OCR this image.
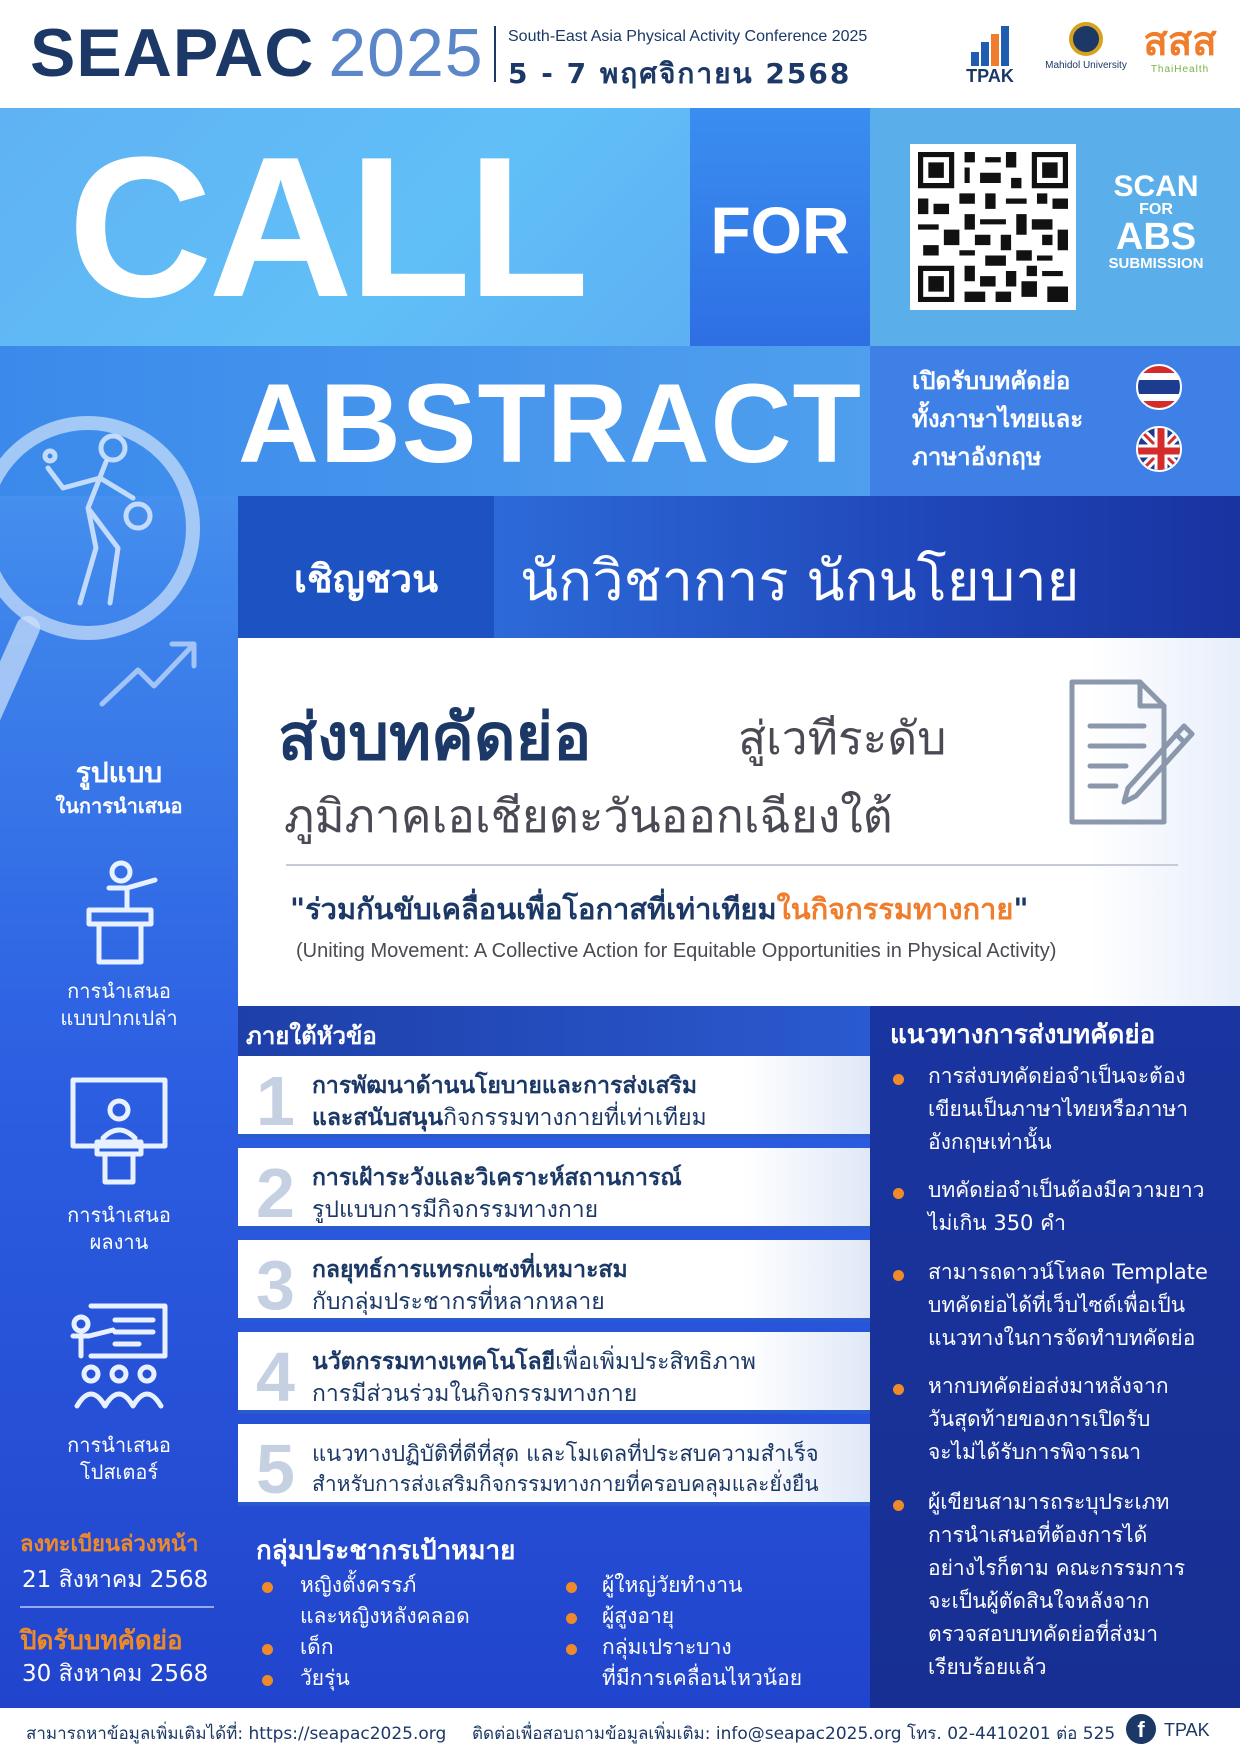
SEAPAC 2025 South-East Asia Physical Activity Conference 2025
5 - 7 พฤศจิกายน 2568	TPAK
Mahidol University
สสส
ThaiHealth
CALL	FOR
SCAN
FOR
ABS
SUBMISSION
ABSTRACT เปิดรับบทคัดย่อ
ทั้งภาษาไทยและ
ภาษาอังกฤษ
เชิญชวน	นักวิชาการ นักนโยบาย
ส่งบทคัดย่อ	สู่เวทีระดับ
ภูมิภาคเอเชียตะวันออกเฉียงใต้
"ร่วมกันขับเคลื่อนเพื่อโอกาสที่เท่าเทียมในกิจกรรมทางกาย"
(Uniting Movement: A Collective Action for Equitable Opportunities in Physical Activity)
รูปแบบ
ในการนำเสนอ
การนำเสนอ
แบบปากเปล่า
การนำเสนอ
ผลงาน
การนำเสนอ
โปสเตอร์
ลงทะเบียนล่วงหน้า
21 สิงหาคม 2568
ปิดรับบทคัดย่อ
30 สิงหาคม 2568
ภายใต้หัวข้อ
1 การพัฒนาด้านนโยบายและการส่งเสริม
และสนับสนุนกิจกรรมทางกายที่เท่าเทียม
2 การเฝ้าระวังและวิเคราะห์สถานการณ์
รูปแบบการมีกิจกรรมทางกาย
3 กลยุทธ์การแทรกแซงที่เหมาะสม
กับกลุ่มประชากรที่หลากหลาย
4 นวัตกรรมทางเทคโนโลยีเพื่อเพิ่มประสิทธิภาพ
การมีส่วนร่วมในกิจกรรมทางกาย
5 แนวทางปฏิบัติที่ดีที่สุด และโมเดลที่ประสบความสำเร็จ
สำหรับการส่งเสริมกิจกรรมทางกายที่ครอบคลุมและยั่งยืน
กลุ่มประชากรเป้าหมาย
หญิงตั้งครรภ์
และหญิงหลังคลอด
เด็ก
วัยรุ่น
ผู้ใหญ่วัยทำงาน
ผู้สูงอายุ
กลุ่มเปราะบาง
ที่มีการเคลื่อนไหวน้อย
แนวทางการส่งบทคัดย่อ
การส่งบทคัดย่อจำเป็นจะต้อง
เขียนเป็นภาษาไทยหรือภาษา
อังกฤษเท่านั้น
บทคัดย่อจำเป็นต้องมีความยาว
ไม่เกิน 350 คำ
สามารถดาวน์โหลด Template
บทคัดย่อได้ที่เว็บไซต์เพื่อเป็น
แนวทางในการจัดทำบทคัดย่อ
หากบทคัดย่อส่งมาหลังจาก
วันสุดท้ายของการเปิดรับ
จะไม่ได้รับการพิจารณา
ผู้เขียนสามารถระบุประเภท
การนำเสนอที่ต้องการได้
อย่างไรก็ตาม คณะกรรมการ
จะเป็นผู้ตัดสินใจหลังจาก
ตรวจสอบบทคัดย่อที่ส่งมา
เรียบร้อยแล้ว
สามารถหาข้อมูลเพิ่มเติมได้ที่: https://seapac2025.org ติดต่อเพื่อสอบถามข้อมูลเพิ่มเติม: info@seapac2025.org โทร. 02-4410201 ต่อ 525	f	TPAK
